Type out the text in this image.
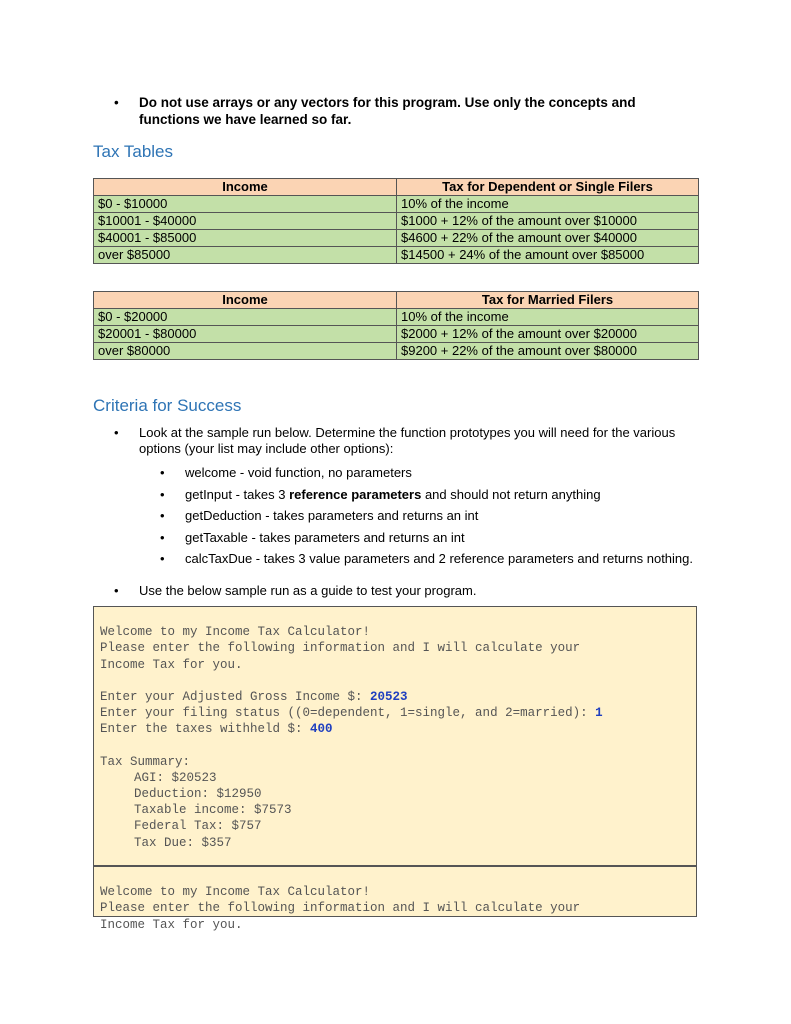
• Do not use arrays or any vectors for this program. Use only the concepts and functions we have learned so far.
Tax Tables
Income	Tax for Dependent or Single Filers
$0 - $10000	10% of the income
$10001 - $40000	$1000 + 12% of the amount over $10000
$40001 - $85000	$4600 + 22% of the amount over $40000
over $85000	$14500 + 24% of the amount over $85000
Income	Tax for Married Filers
$0 - $20000	10% of the income
$20001 - $80000	$2000 + 12% of the amount over $20000
over $80000	$9200 + 22% of the amount over $80000
Criteria for Success
• Look at the sample run below. Determine the function prototypes you will need for the various options (your list may include other options):
• welcome - void function, no parameters
• getInput - takes 3 reference parameters and should not return anything
• getDeduction - takes parameters and returns an int
• getTaxable - takes parameters and returns an int
• calcTaxDue - takes 3 value parameters and 2 reference parameters and returns nothing.
• Use the below sample run as a guide to test your program.

Welcome to my Income Tax Calculator!
Please enter the following information and I will calculate your
Income Tax for you.
Enter your Adjusted Gross Income $: 20523
Enter your filing status ((0=dependent, 1=single, and 2=married): 1
Enter the taxes withheld $: 400
Tax Summary:
AGI: $20523
Deduction: $12950
Taxable income: $7573
Federal Tax: $757
Tax Due: $357

Welcome to my Income Tax Calculator!
Please enter the following information and I will calculate your
Income Tax for you.
